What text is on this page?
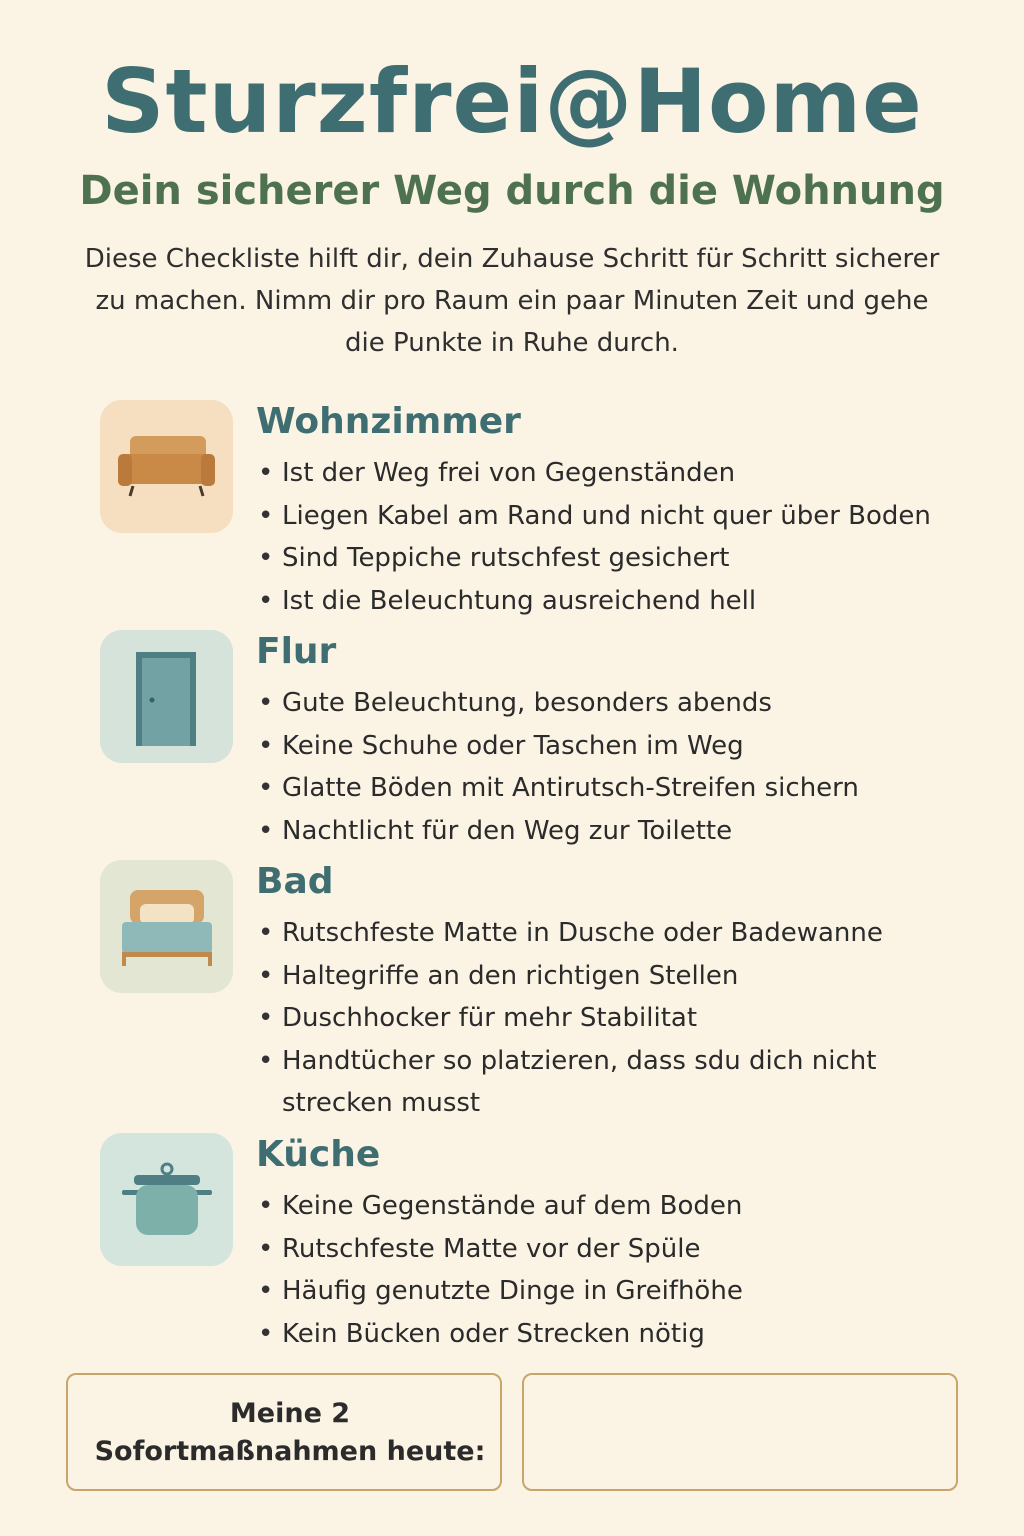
Sturzfrei@Home
Dein sicherer Weg durch die Wohnung
Diese Checkliste hilft dir, dein Zuhause Schritt für Schritt sicherer zu machen. Nimm dir pro Raum ein paar Minuten Zeit und gehe die Punkte in Ruhe durch.
Wohnzimmer
• Ist der Weg frei von Gegenständen
• Liegen Kabel am Rand und nicht quer über Boden
• Sind Teppiche rutschfest gesichert
• Ist die Beleuchtung ausreichend hell
Flur
• Gute Beleuchtung, besonders abends
• Keine Schuhe oder Taschen im Weg
• Glatte Böden mit Antirutsch-Streifen sichern
• Nachtlicht für den Weg zur Toilette
Bad
• Rutschfeste Matte in Dusche oder Badewanne
• Haltegriffe an den richtigen Stellen
• Duschhocker für mehr Stabilitat
• Handtücher so platzieren, dass sdu dich nicht strecken musst
Küche
• Keine Gegenstände auf dem Boden
• Rutschfeste Matte vor der Spüle
• Häufig genutzte Dinge in Greifhöhe
• Kein Bücken oder Strecken nötig
Meine 2 Sofortmaßnahmen heute:
